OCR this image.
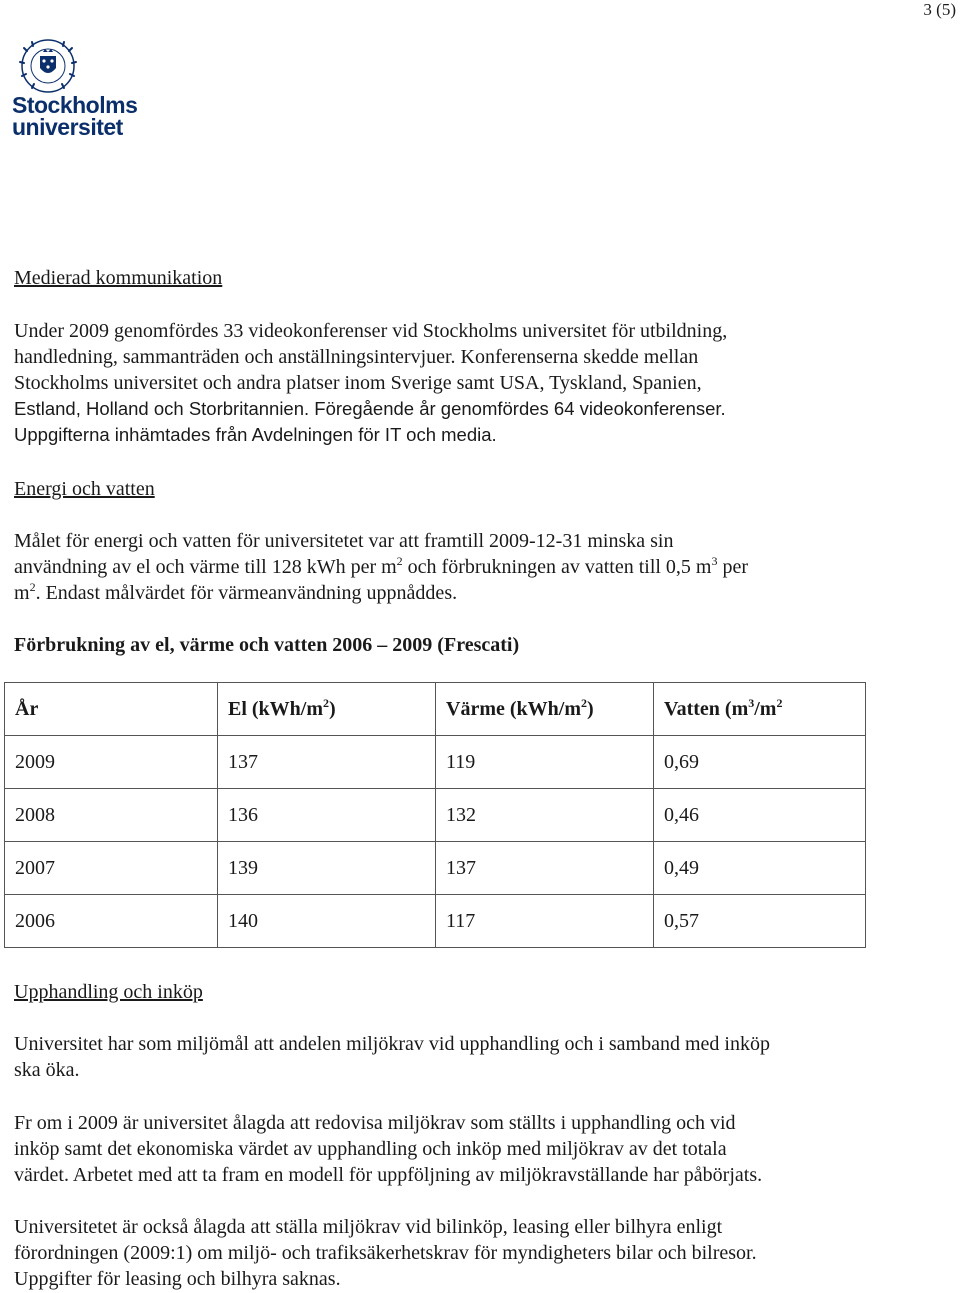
3 (5)
Stockholms
universitet
Medierad kommunikation
Under 2009 genomfördes 33 videokonferenser vid Stockholms universitet för utbildning,
handledning, sammanträden och anställningsintervjuer. Konferenserna skedde mellan
Stockholms universitet och andra platser inom Sverige samt USA, Tyskland, Spanien,
Estland, Holland och Storbritannien. Föregående år genomfördes 64 videokonferenser.
Uppgifterna inhämtades från Avdelningen för IT och media.
Energi och vatten
Målet för energi och vatten för universitetet var att framtill 2009-12-31 minska sin
användning av el och värme till 128 kWh per $m^2$ och förbrukningen av vatten till 0,5 $m^3$ per
$m^2$. Endast målvärdet för värmeanvändning uppnåddes.
Förbrukning av el, värme och vatten 2006 – 2009 (Frescati)
År	El $(kWh/m^2)$	Värme $(kWh/m^2)$	Vatten ($m^3/m^2$
2009	137	119	0,69
2008	136	132	0,46
2007	139	137	0,49
2006	140	117	0,57
Upphandling och inköp
Universitet har som miljömål att andelen miljökrav vid upphandling och i samband med inköp
ska öka.
Fr om i 2009 är universitet ålagda att redovisa miljökrav som ställts i upphandling och vid
inköp samt det ekonomiska värdet av upphandling och inköp med miljökrav av det totala
värdet. Arbetet med att ta fram en modell för uppföljning av miljökravställande har påbörjats.
Universitetet är också ålagda att ställa miljökrav vid bilinköp, leasing eller bilhyra enligt
förordningen (2009:1) om miljö- och trafiksäkerhetskrav för myndigheters bilar och bilresor.
Uppgifter för leasing och bilhyra saknas.
